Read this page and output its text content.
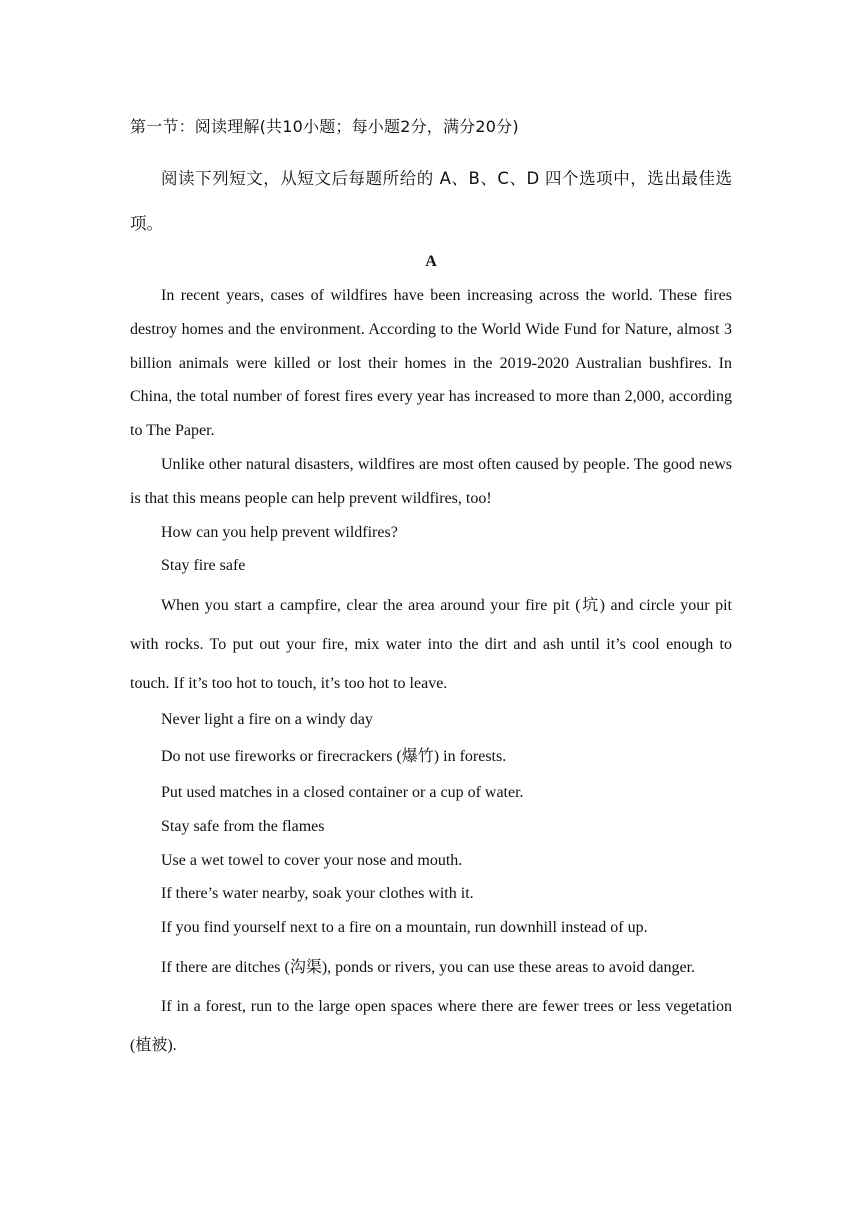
第一节：阅读理解(共10小题；每小题2分，满分20分)

阅读下列短文，从短文后每题所给的 A、B、C、D 四个选项中，选出最佳选项。

A

In recent years, cases of wildfires have been increasing across the world. These fires destroy homes and the environment. According to the World Wide Fund for Nature, almost 3 billion animals were killed or lost their homes in the 2019-2020 Australian bushfires. In China, the total number of forest fires every year has increased to more than 2,000, according to The Paper.

Unlike other natural disasters, wildfires are most often caused by people. The good news is that this means people can help prevent wildfires, too!

How can you help prevent wildfires?

Stay fire safe

When you start a campfire, clear the area around your fire pit (坑) and circle your pit with rocks. To put out your fire, mix water into the dirt and ash until it’s cool enough to touch. If it’s too hot to touch, it’s too hot to leave.

Never light a fire on a windy day

Do not use fireworks or firecrackers (爆竹) in forests.

Put used matches in a closed container or a cup of water.

Stay safe from the flames

Use a wet towel to cover your nose and mouth.

If there’s water nearby, soak your clothes with it.

If you find yourself next to a fire on a mountain, run downhill instead of up.

If there are ditches (沟渠), ponds or rivers, you can use these areas to avoid danger.

If in a forest, run to the large open spaces where there are fewer trees or less vegetation (植被).
